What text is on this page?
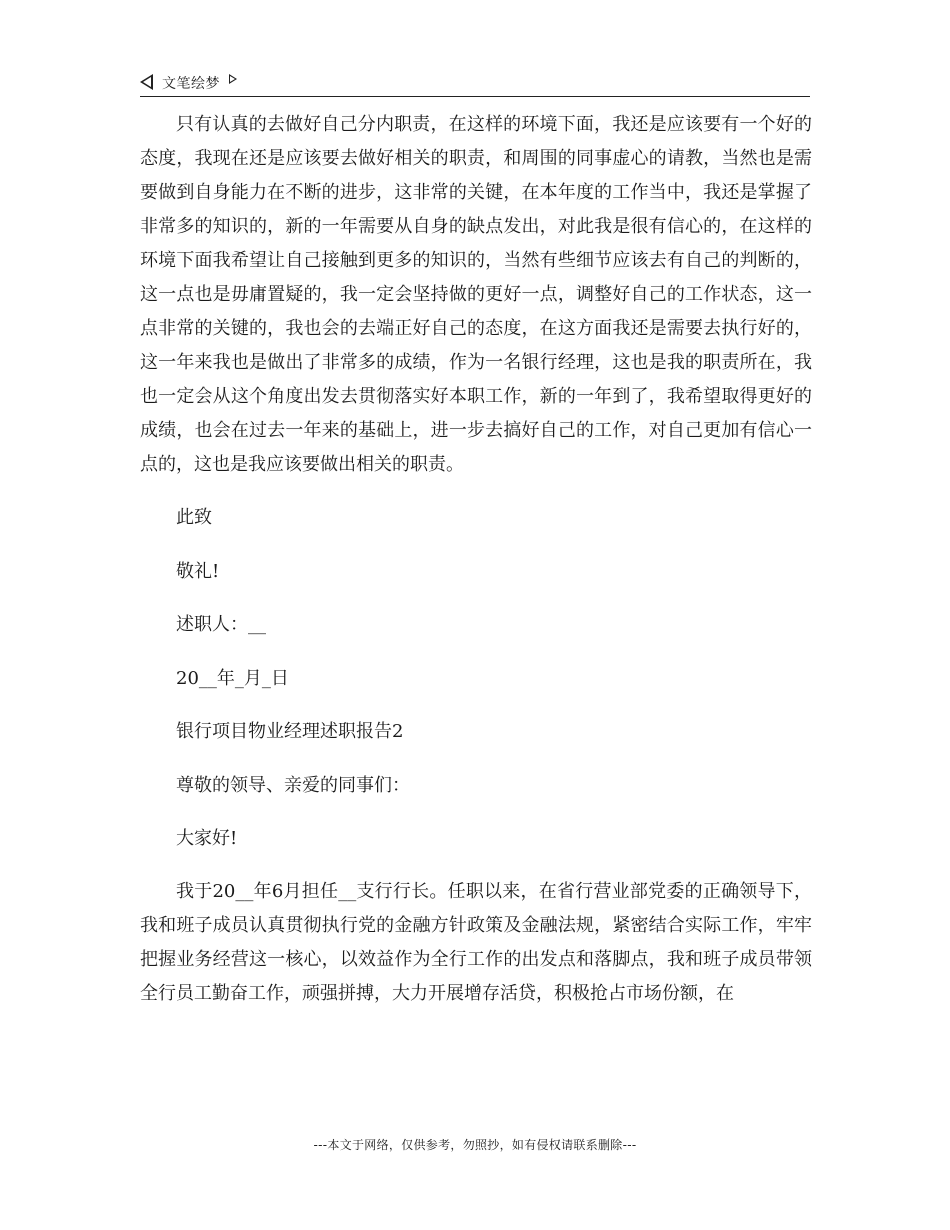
文笔绘梦

只有认真的去做好自己分内职责，在这样的环境下面，我还是应该要有一个好的态度，我现在还是应该要去做好相关的职责，和周围的同事虚心的请教，当然也是需要做到自身能力在不断的进步，这非常的关键，在本年度的工作当中，我还是掌握了非常多的知识的，新的一年需要从自身的缺点发出，对此我是很有信心的，在这样的环境下面我希望让自己接触到更多的知识的，当然有些细节应该去有自己的判断的，这一点也是毋庸置疑的，我一定会坚持做的更好一点，调整好自己的工作状态，这一点非常的关键的，我也会的去端正好自己的态度，在这方面我还是需要去执行好的，这一年来我也是做出了非常多的成绩，作为一名银行经理，这也是我的职责所在，我也一定会从这个角度出发去贯彻落实好本职工作，新的一年到了，我希望取得更好的成绩，也会在过去一年来的基础上，进一步去搞好自己的工作，对自己更加有信心一点的，这也是我应该要做出相关的职责。

此致

敬礼!

述职人：__

20__年_月_日

银行项目物业经理述职报告2

尊敬的领导、亲爱的同事们：

大家好!

我于20__年6月担任__支行行长。任职以来，在省行营业部党委的正确领导下，我和班子成员认真贯彻执行党的金融方针政策及金融法规，紧密结合实际工作，牢牢把握业务经营这一核心，以效益作为全行工作的出发点和落脚点，我和班子成员带领全行员工勤奋工作，顽强拼搏，大力开展增存活贷，积极抢占市场份额，在

---本文于网络，仅供参考，勿照抄，如有侵权请联系删除---
